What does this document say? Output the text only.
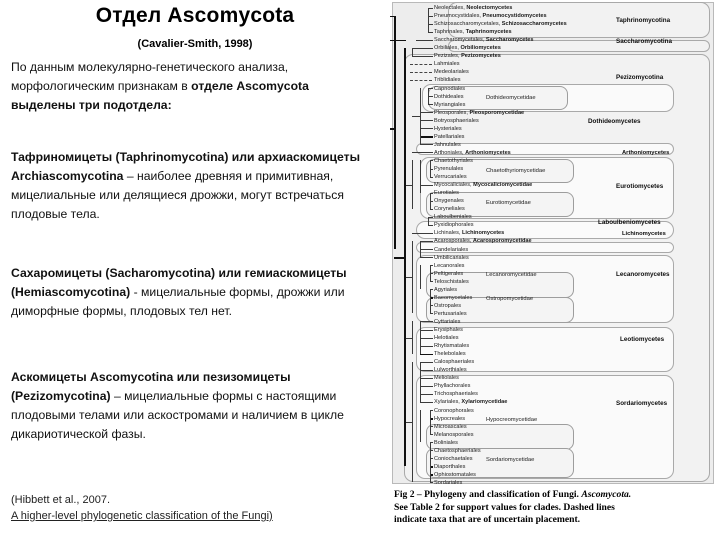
Отдел Ascomycota
(Cavalier-Smith, 1998)
По данным молекулярно-генетического анализа, морфологическим признакам в отделе Ascomycota выделены три подотдела:
Тафриномицеты (Taphrinomycotina) или архиаскомицеты Archiascomycotina – наиболее древняя и примитивная, мицелиальные или делящиеся дрожжи, могут встречаться плодовые тела.
Сахаромицеты (Sacharomycotina) или гемиаскомицеты (Hemiascomycotina) - мицелиальные формы, дрожжи или диморфные формы, плодовых тел нет.
Аскомицеты Ascomycotina или пезизомицеты (Pezizomycotina) – мицелиальные формы с настоящими плодовыми телами или аскостромами и наличием в цикле дикариотической фазы.
(Hibbett et al., 2007.
A higher-level phylogenetic classification of the Fungi)
Fig 2 – Phylogeny and classification of Fungi. Ascomycota.
See Table 2 for support values for clades. Dashed lines
indicate taxa that are of uncertain placement.
Neolectales, Neolectomycetes
Pneumocystidales, Pneumocystidomycetes
Schizosaccharomycetales, Schizosaccharomycetes
Taphrinales, Taphrinomycetes
Saccharomycetales, Saccharomycetes
Orbiliales, Orbiliomycetes
Pezizales, Pezizomycetes
Lahmiales
Medeolariales
Triblidiales
Capnodiales
Dothideales
Myriangiales
Pleosporales, Pleosporomycetidae
Botryosphaeriales
Hysteriales
Patellariales
Jahnulales
Arthoniales, Arthoniomycetes
Chaetothyriales
Pyrenulales
Verrucariales
Mycocaliciales, Mycocaliciomycetidae
Eurotiales
Onygenales
Coryneliales
Laboulbeniales
Pyxidiophorales
Lichinales, Lichinomycetes
Acarosporales, Acarosporomycetidae
Candelariales
Umbilicariales
Lecanorales
Peltigerales
Teloschistales
Agyriales
Baeomycetales
Ostropales
Pertusariales
Cyttariales
Erysiphales
Helotiales
Rhytismatales
Thelebolales
Calosphaeriales
Lulworthiales
Meliolales
Phyllachorales
Trichosphaeriales
Xylariales, Xylariomycetidae
Coronophorales
Hypocreales
Microascales
Melanosporales
Boliniales
Chaetosphaeriales
Coniochaetales
Diaporthales
Ophiostomatales
Sordariales
Taphrinomycotina
Saccharomycotina
Pezizomycotina
Dothideomycetes
Arthoniomycetes
Eurotiomycetes
Laboulbeniomycetes
Lichinomycetes
Lecanoromycetes
Leotiomycetes
Sordariomycetes
Dothideomycetidae
Chaetothyriomycetidae
Eurotiomycetidae
Lecanoromycetidae
Ostropomycetidae
Hypocreomycetidae
Sordariomycetidae
